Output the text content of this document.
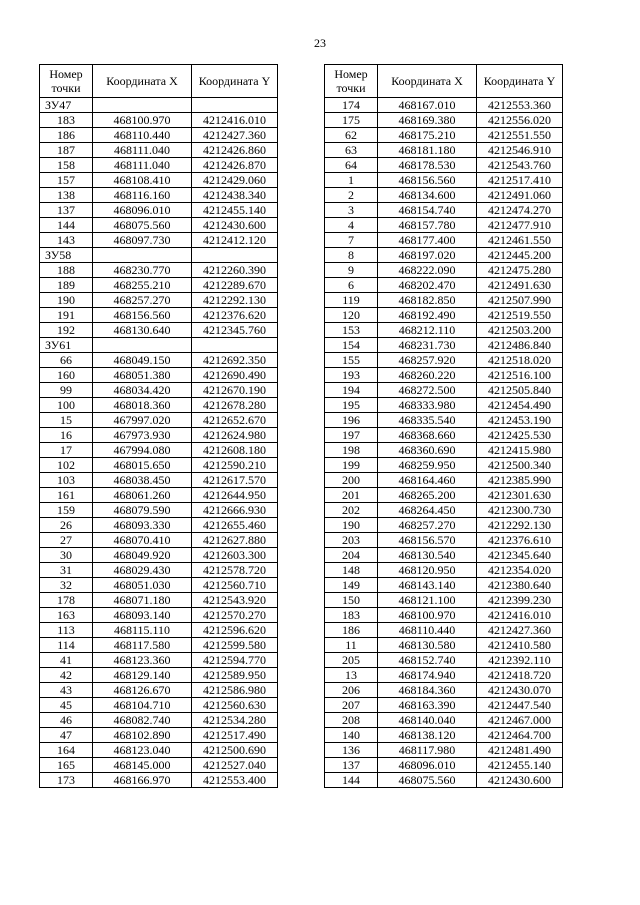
23
Номер точки	Координата X	Координата Y
ЗУ47		
183	468100.970	4212416.010
186	468110.440	4212427.360
187	468111.040	4212426.860
158	468111.040	4212426.870
157	468108.410	4212429.060
138	468116.160	4212438.340
137	468096.010	4212455.140
144	468075.560	4212430.600
143	468097.730	4212412.120
ЗУ58		
188	468230.770	4212260.390
189	468255.210	4212289.670
190	468257.270	4212292.130
191	468156.560	4212376.620
192	468130.640	4212345.760
ЗУ61		
66	468049.150	4212692.350
160	468051.380	4212690.490
99	468034.420	4212670.190
100	468018.360	4212678.280
15	467997.020	4212652.670
16	467973.930	4212624.980
17	467994.080	4212608.180
102	468015.650	4212590.210
103	468038.450	4212617.570
161	468061.260	4212644.950
159	468079.590	4212666.930
26	468093.330	4212655.460
27	468070.410	4212627.880
30	468049.920	4212603.300
31	468029.430	4212578.720
32	468051.030	4212560.710
178	468071.180	4212543.920
163	468093.140	4212570.270
113	468115.110	4212596.620
114	468117.580	4212599.580
41	468123.360	4212594.770
42	468129.140	4212589.950
43	468126.670	4212586.980
45	468104.710	4212560.630
46	468082.740	4212534.280
47	468102.890	4212517.490
164	468123.040	4212500.690
165	468145.000	4212527.040
173	468166.970	4212553.400
Номер точки	Координата X	Координата Y
174	468167.010	4212553.360
175	468169.380	4212556.020
62	468175.210	4212551.550
63	468181.180	4212546.910
64	468178.530	4212543.760
1	468156.560	4212517.410
2	468134.600	4212491.060
3	468154.740	4212474.270
4	468157.780	4212477.910
7	468177.400	4212461.550
8	468197.020	4212445.200
9	468222.090	4212475.280
6	468202.470	4212491.630
119	468182.850	4212507.990
120	468192.490	4212519.550
153	468212.110	4212503.200
154	468231.730	4212486.840
155	468257.920	4212518.020
193	468260.220	4212516.100
194	468272.500	4212505.840
195	468333.980	4212454.490
196	468335.540	4212453.190
197	468368.660	4212425.530
198	468360.690	4212415.980
199	468259.950	4212500.340
200	468164.460	4212385.990
201	468265.200	4212301.630
202	468264.450	4212300.730
190	468257.270	4212292.130
203	468156.570	4212376.610
204	468130.540	4212345.640
148	468120.950	4212354.020
149	468143.140	4212380.640
150	468121.100	4212399.230
183	468100.970	4212416.010
186	468110.440	4212427.360
11	468130.580	4212410.580
205	468152.740	4212392.110
13	468174.940	4212418.720
206	468184.360	4212430.070
207	468163.390	4212447.540
208	468140.040	4212467.000
140	468138.120	4212464.700
136	468117.980	4212481.490
137	468096.010	4212455.140
144	468075.560	4212430.600
